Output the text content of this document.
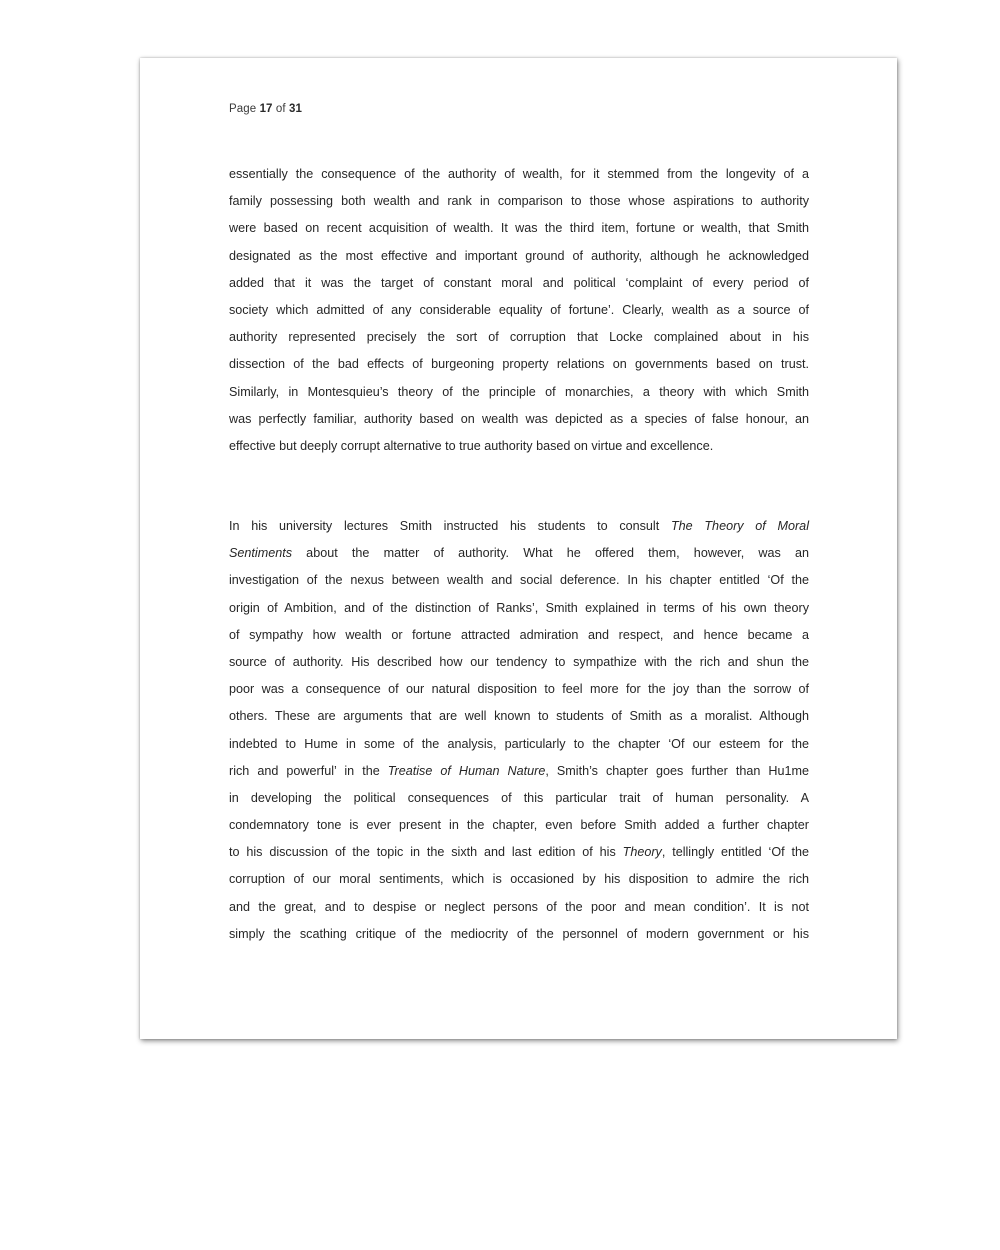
Page 17 of 31
essentially the consequence of the authority of wealth, for it stemmed from the longevity of a
family possessing both wealth and rank in comparison to those whose aspirations to authority
were based on recent acquisition of wealth. It was the third item, fortune or wealth, that Smith
designated as the most effective and important ground of authority, although he acknowledged
added that it was the target of constant moral and political ‘complaint of every period of
society which admitted of any considerable equality of fortune’. Clearly, wealth as a source of
authority represented precisely the sort of corruption that Locke complained about in his
dissection of the bad effects of burgeoning property relations on governments based on trust.
Similarly, in Montesquieu’s theory of the principle of monarchies, a theory with which Smith
was perfectly familiar, authority based on wealth was depicted as a species of false honour, an
effective but deeply corrupt alternative to true authority based on virtue and excellence.
In his university lectures Smith instructed his students to consult The Theory of Moral
Sentiments about the matter of authority. What he offered them, however, was an
investigation of the nexus between wealth and social deference. In his chapter entitled ‘Of the
origin of Ambition, and of the distinction of Ranks’, Smith explained in terms of his own theory
of sympathy how wealth or fortune attracted admiration and respect, and hence became a
source of authority. His described how our tendency to sympathize with the rich and shun the
poor was a consequence of our natural disposition to feel more for the joy than the sorrow of
others. These are arguments that are well known to students of Smith as a moralist. Although
indebted to Hume in some of the analysis, particularly to the chapter ‘Of our esteem for the
rich and powerful’ in the Treatise of Human Nature, Smith’s chapter goes further than Hu1me
in developing the political consequences of this particular trait of human personality. A
condemnatory tone is ever present in the chapter, even before Smith added a further chapter
to his discussion of the topic in the sixth and last edition of his Theory, tellingly entitled ‘Of the
corruption of our moral sentiments, which is occasioned by his disposition to admire the rich
and the great, and to despise or neglect persons of the poor and mean condition’. It is not
simply the scathing critique of the mediocrity of the personnel of modern government or his
